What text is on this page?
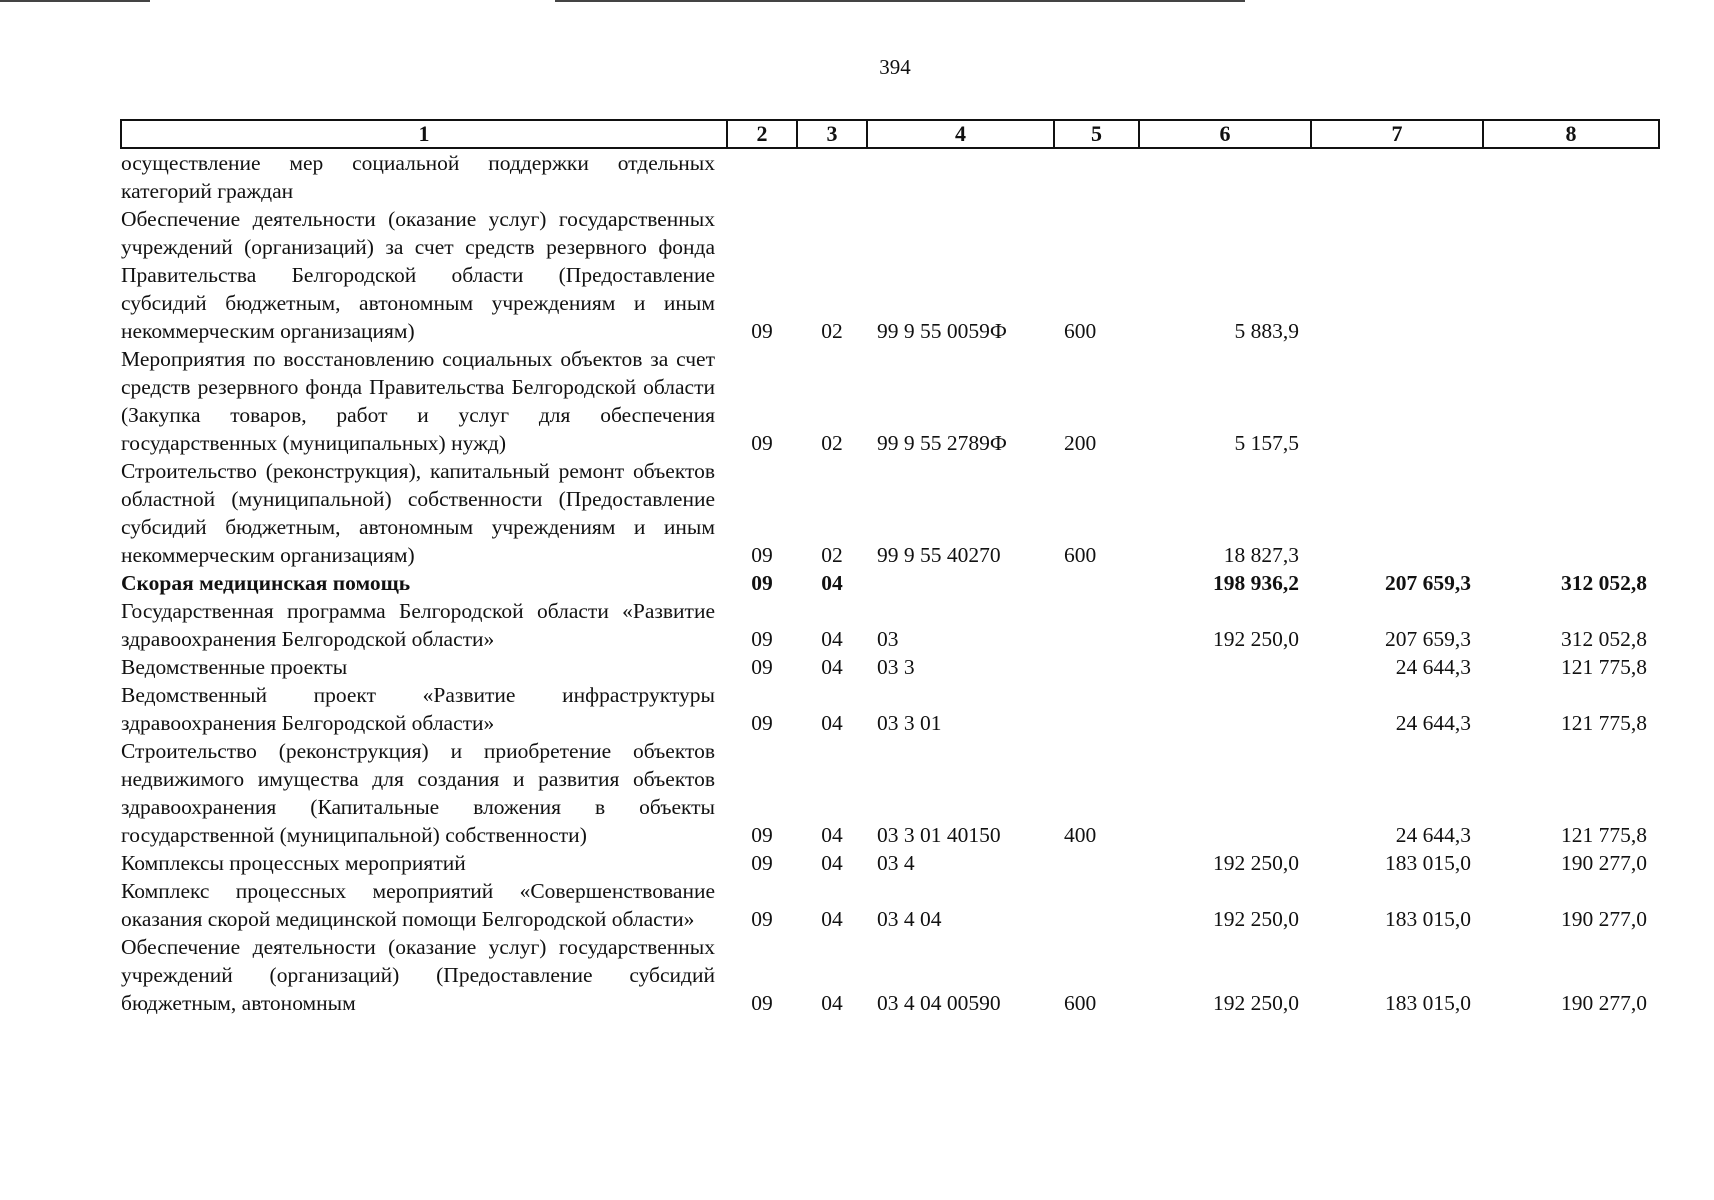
394
1	2	3	4	5	6	7	8
осуществление мер социальной поддержки отдельных категорий граждан							
Обеспечение деятельности (оказание услуг) государственных учреждений (организаций) за счет средств резервного фонда Правительства Белгородской области (Предоставление субсидий бюджетным, автономным учреждениям и иным некоммерческим организациям)	09	02	99 9 55 0059Ф	600	5 883,9		
Мероприятия по восстановлению социальных объектов за счет средств резервного фонда Правительства Белгородской области (Закупка товаров, работ и услуг для обеспечения государственных (муниципальных) нужд)	09	02	99 9 55 2789Ф	200	5 157,5		
Строительство (реконструкция), капитальный ремонт объектов областной (муниципальной) собственности (Предоставление субсидий бюджетным, автономным учреждениям и иным некоммерческим организациям)	09	02	99 9 55 40270	600	18 827,3		
Скорая медицинская помощь	09	04			198 936,2	207 659,3	312 052,8
Государственная программа Белгородской области «Развитие здравоохранения Белгородской области»	09	04	03		192 250,0	207 659,3	312 052,8
Ведомственные проекты	09	04	03 3			24 644,3	121 775,8
Ведомственный проект «Развитие инфраструктуры здравоохранения Белгородской области»	09	04	03 3 01			24 644,3	121 775,8
Строительство (реконструкция) и приобретение объектов недвижимого имущества для создания и развития объектов здравоохранения (Капитальные вложения в объекты государственной (муниципальной) собственности)	09	04	03 3 01 40150	400		24 644,3	121 775,8
Комплексы процессных мероприятий	09	04	03 4		192 250,0	183 015,0	190 277,0
Комплекс процессных мероприятий «Совершенствование оказания скорой медицинской помощи Белгородской области»	09	04	03 4 04		192 250,0	183 015,0	190 277,0
Обеспечение деятельности (оказание услуг) государственных учреждений (организаций) (Предоставление субсидий бюджетным, автономным	09	04	03 4 04 00590	600	192 250,0	183 015,0	190 277,0
